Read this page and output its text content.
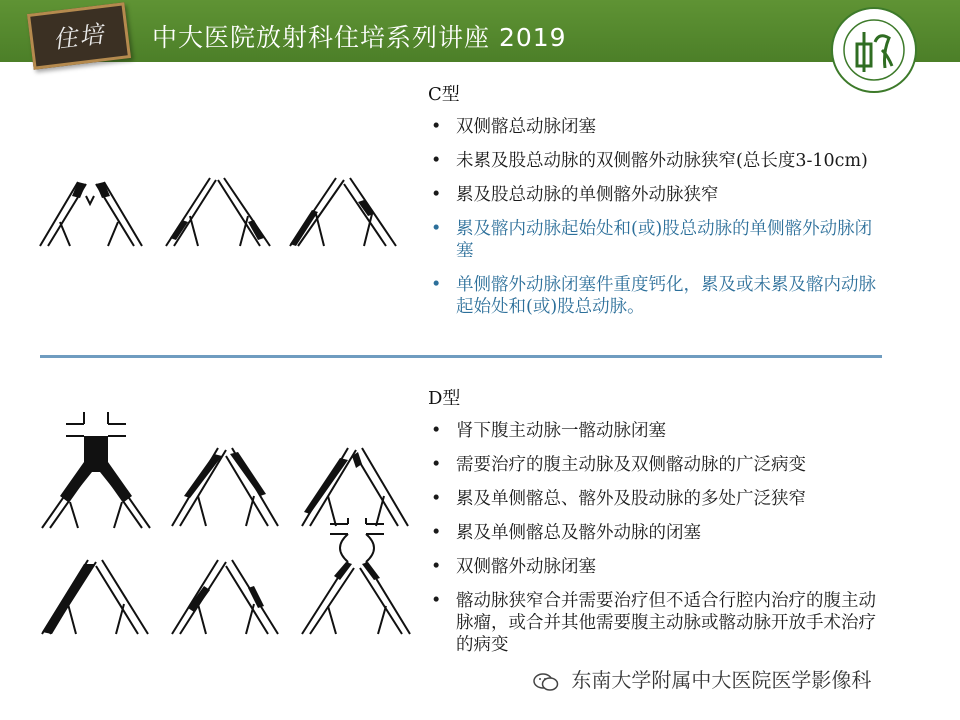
住培	中大医院放射科住培系列讲座 2019
C型
• 双侧髂总动脉闭塞
• 未累及股总动脉的双侧髂外动脉狭窄(总长度3-10cm)
• 累及股总动脉的单侧髂外动脉狭窄
• 累及髂内动脉起始处和(或)股总动脉的单侧髂外动脉闭塞
• 单侧髂外动脉闭塞件重度钙化，累及或未累及髂内动脉起始处和(或)股总动脉。
D型
• 肾下腹主动脉一髂动脉闭塞
• 需要治疗的腹主动脉及双侧髂动脉的广泛病变
• 累及单侧髂总、髂外及股动脉的多处广泛狭窄
• 累及单侧髂总及髂外动脉的闭塞
• 双侧髂外动脉闭塞
• 髂动脉狭窄合并需要治疗但不适合行腔内治疗的腹主动脉瘤，或合并其他需要腹主动脉或髂动脉开放手术治疗的病变
东南大学附属中大医院医学影像科
